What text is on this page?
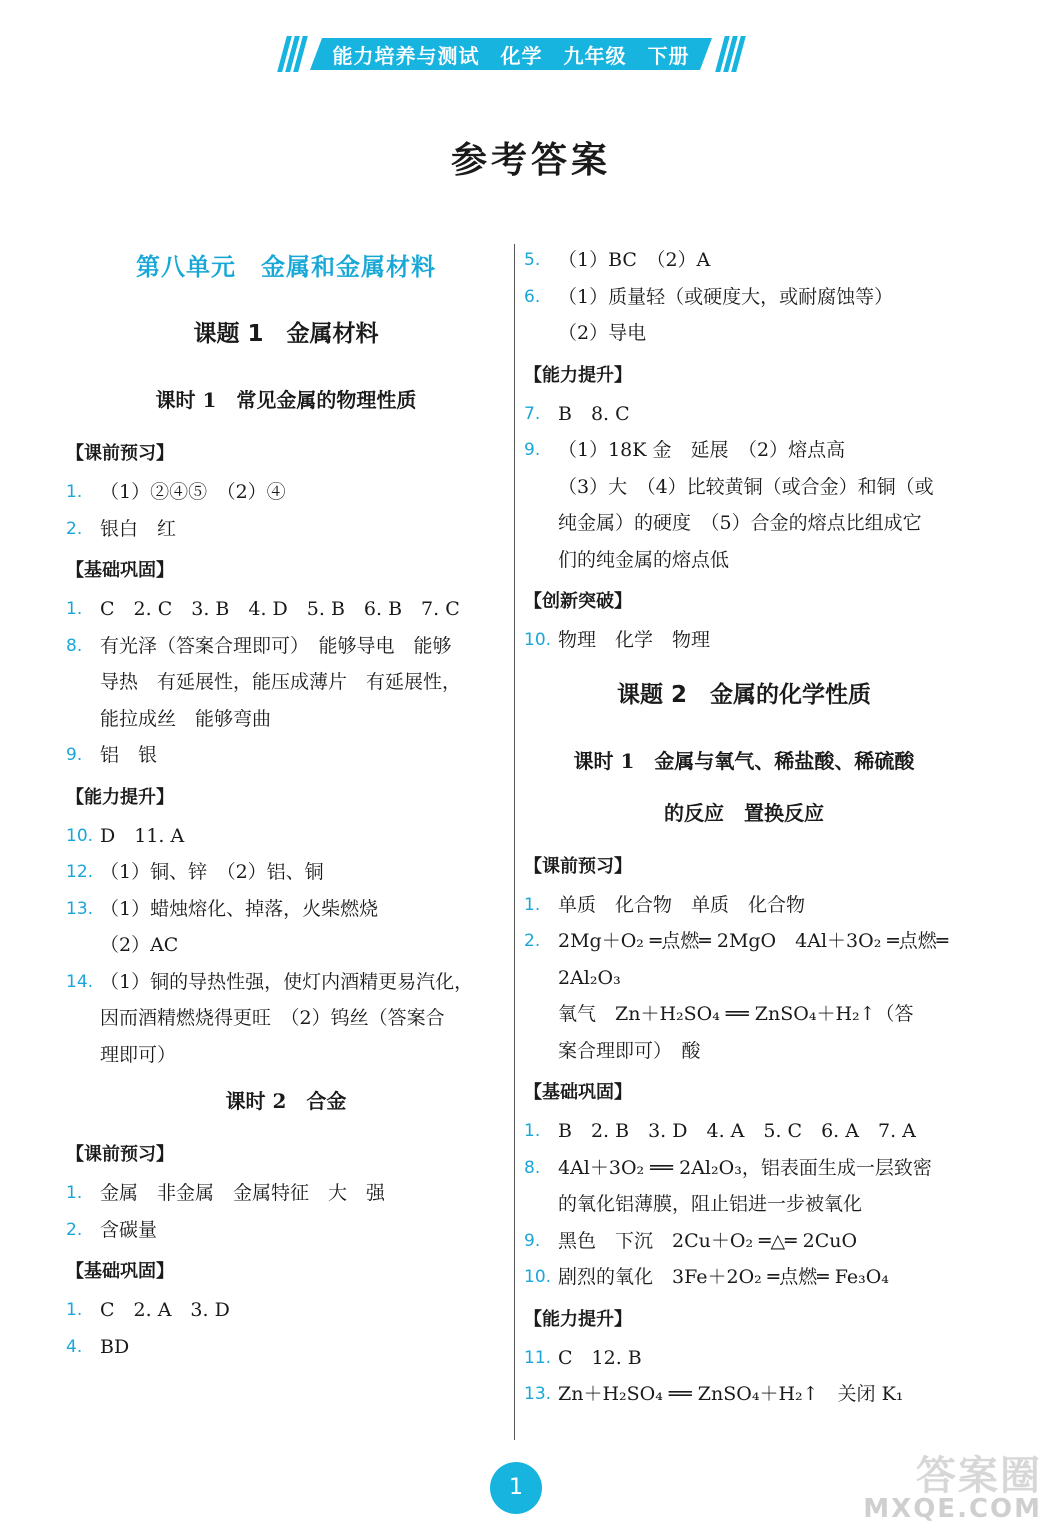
能力培养与测试　化学　九年级　下册
参考答案
第八单元　金属和金属材料
课题 1　金属材料
课时 1　常见金属的物理性质
【课前预习】
1. （1）②④⑤　（2）④
2. 银白　红
【基础巩固】
1. C　2. C　3. B　4. D　5. B　6. B　7. C
8. 有光泽（答案合理即可）　能够导电　能够
导热　有延展性，能压成薄片　有延展性，
能拉成丝　能够弯曲
9. 铝　银
【能力提升】
10. D　11. A
12. （1）铜、锌　（2）铝、铜
13. （1）蜡烛熔化、掉落，火柴燃烧
（2）AC
14. （1）铜的导热性强，使灯内酒精更易汽化，
因而酒精燃烧得更旺　（2）钨丝（答案合
理即可）
课时 2　合金
【课前预习】
1. 金属　非金属　金属特征　大　强
2. 含碳量
【基础巩固】
1. C　2. A　3. D
4. BD
5. （1）BC　（2）A
6. （1）质量轻（或硬度大，或耐腐蚀等）
（2）导电
【能力提升】
7. B　8. C
9. （1）18K 金　延展　（2）熔点高
（3）大　（4）比较黄铜（或合金）和铜（或
纯金属）的硬度　（5）合金的熔点比组成它
们的纯金属的熔点低
【创新突破】
10. 物理　化学　物理
课题 2　金属的化学性质
课时 1　金属与氧气、稀盐酸、稀硫酸
的反应　置换反应
【课前预习】
1. 单质　化合物　单质　化合物
2. 2Mg＋O₂ ═点燃═ 2MgO　4Al＋3O₂ ═点燃═ 2Al₂O₃
氧气　Zn＋H₂SO₄ ══ ZnSO₄＋H₂↑（答
案合理即可）　酸
【基础巩固】
1. B　2. B　3. D　4. A　5. C　6. A　7. A
8. 4Al＋3O₂ ══ 2Al₂O₃，铝表面生成一层致密
的氧化铝薄膜，阻止铝进一步被氧化
9. 黑色　下沉　2Cu＋O₂ ═△═ 2CuO
10. 剧烈的氧化　3Fe＋2O₂ ═点燃═ Fe₃O₄
【能力提升】
11. C　12. B
13. Zn＋H₂SO₄ ══ ZnSO₄＋H₂↑　关闭 K₁
1	答案圈
MXQE.COM
